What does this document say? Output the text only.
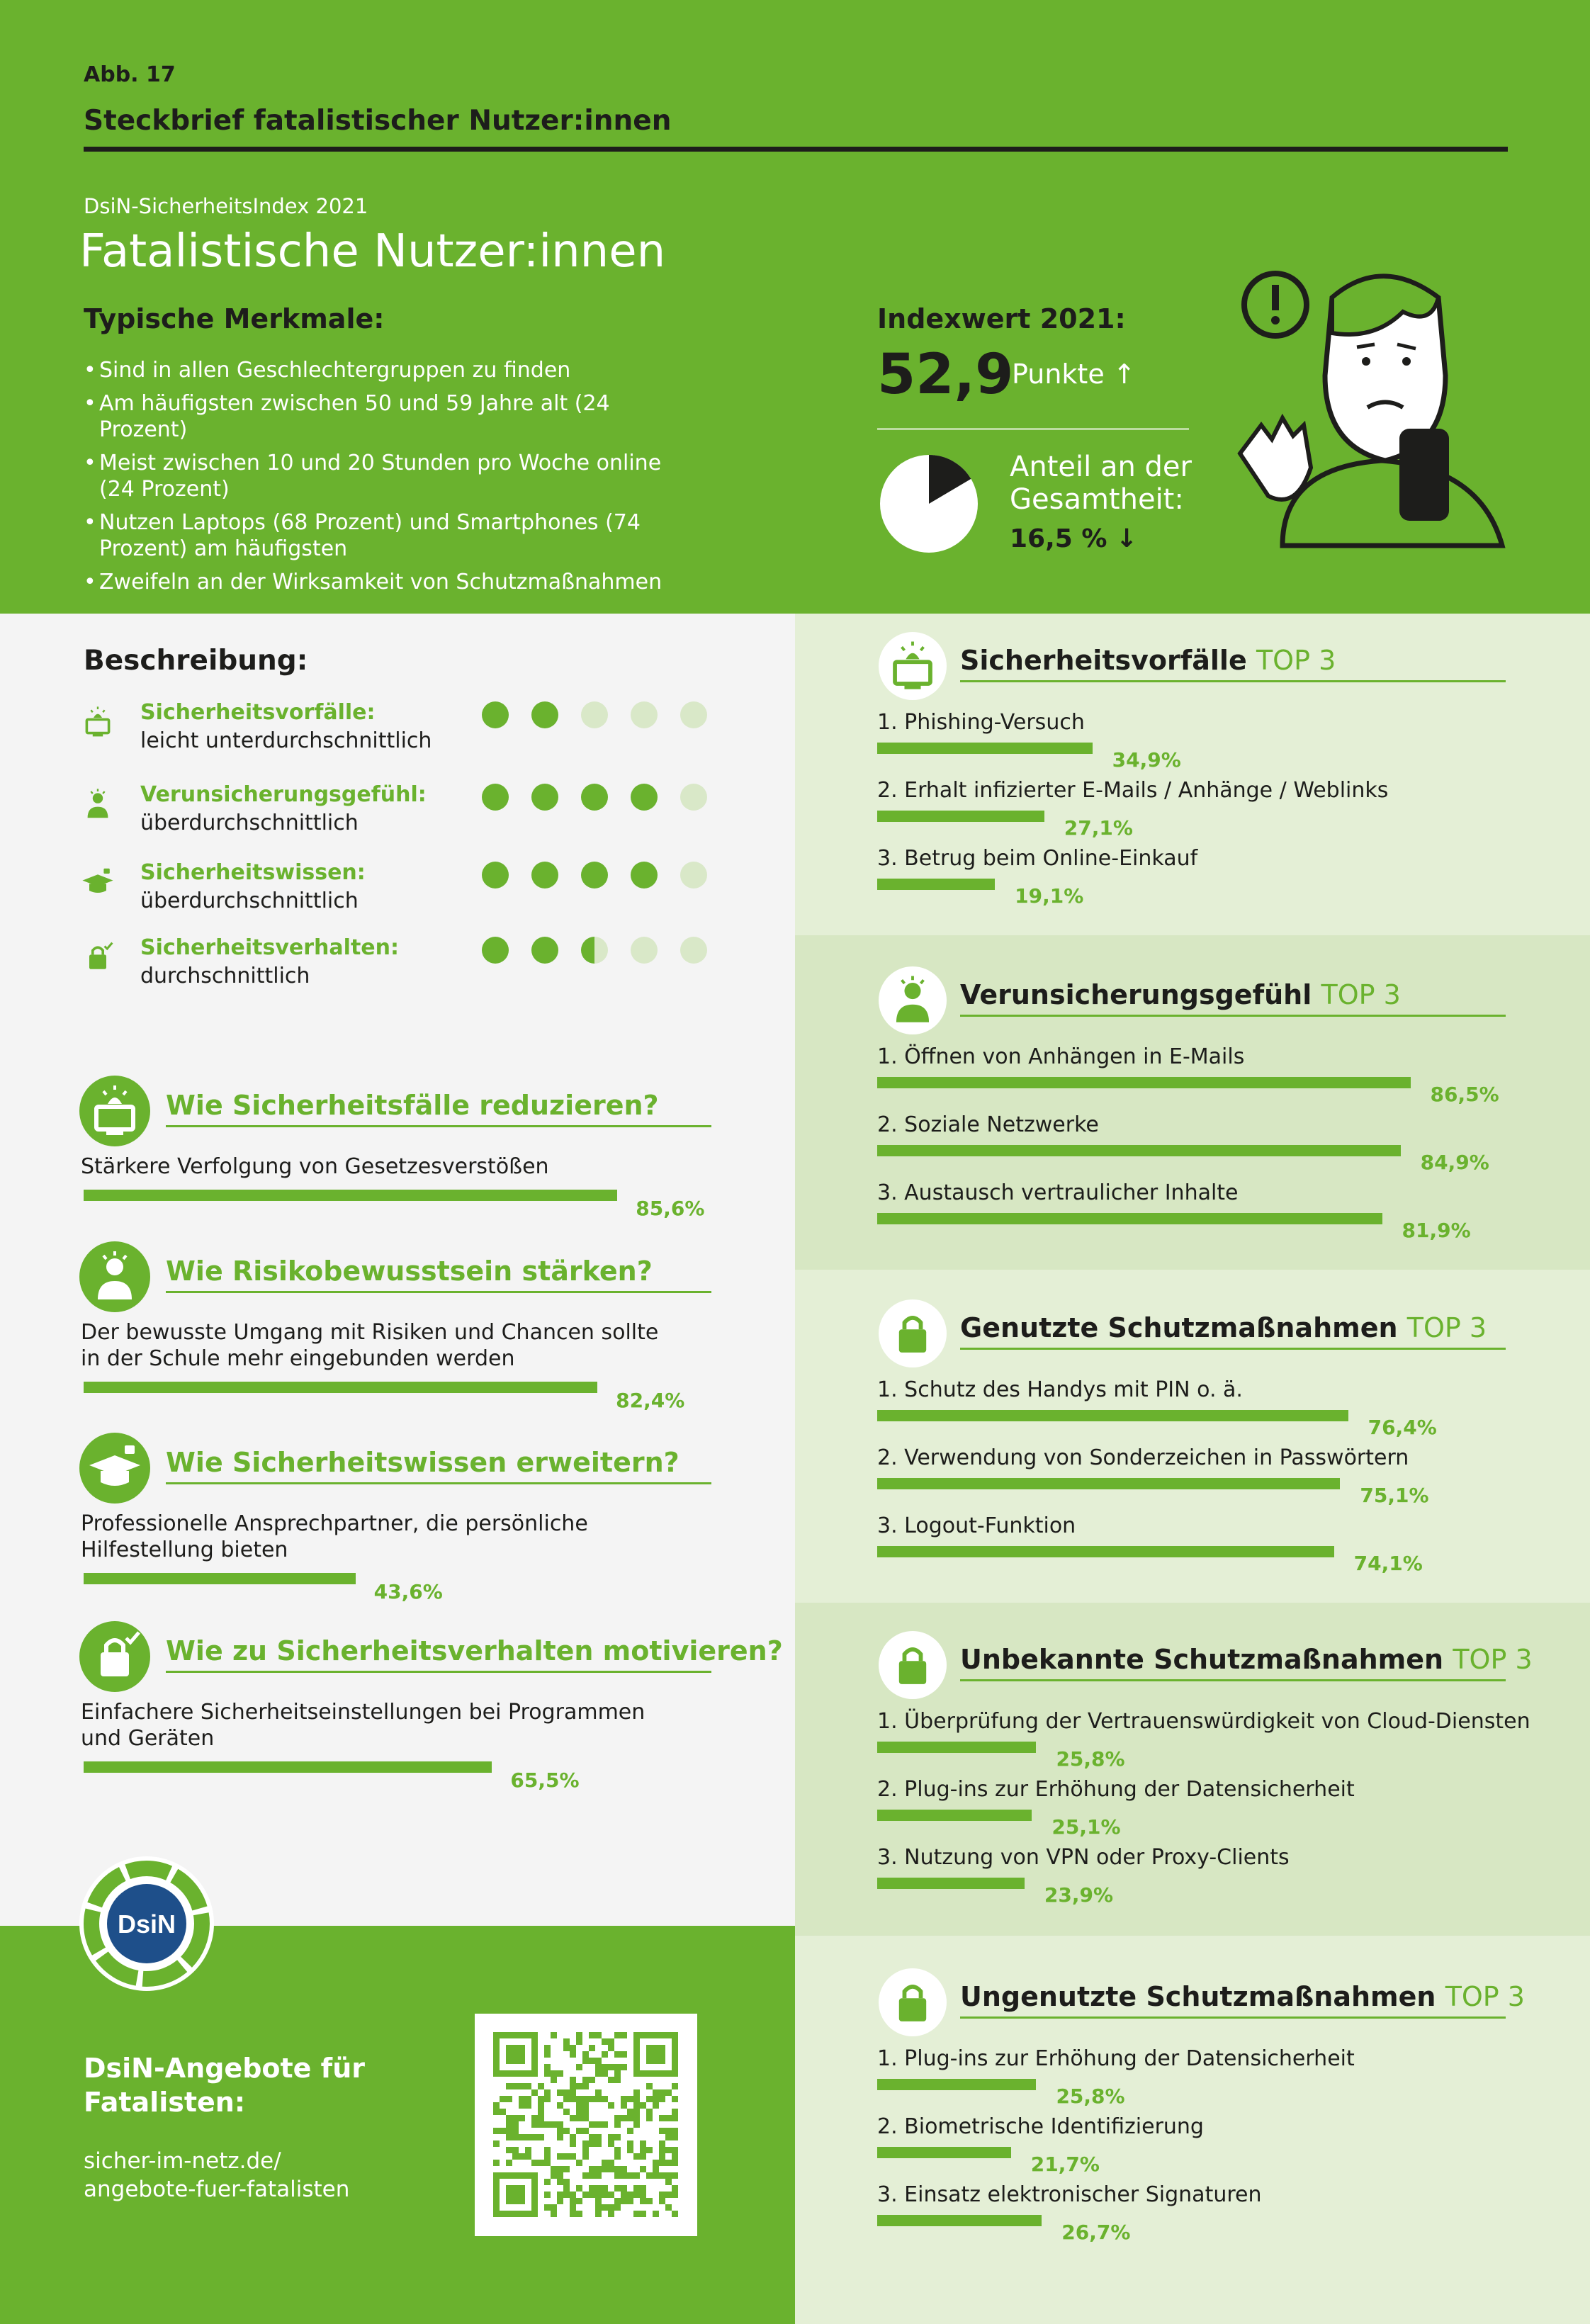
Abb. 17
Steckbrief fatalistischer Nutzer:innen
DsiN-SicherheitsIndex 2021
Fatalistische Nutzer:innen
Typische Merkmale:
• Sind in allen Geschlechtergruppen zu finden
• Am häufigsten zwischen 50 und 59 Jahre alt (24 Prozent)
• Meist zwischen 10 und 20 Stunden pro Woche online (24 Prozent)
• Nutzen Laptops (68 Prozent) und Smartphones (74 Prozent) am häufigsten
• Zweifeln an der Wirksamkeit von Schutzmaßnahmen
Indexwert 2021:
52,9
Punkte ↑
Anteil an der Gesamtheit:
16,5 % ↓
Beschreibung:
Sicherheitsvorfälle:
leicht unterdurchschnittlich
Verunsicherungsgefühl:
überdurchschnittlich
Sicherheitswissen:
überdurchschnittlich
Sicherheitsverhalten:
durchschnittlich
Wie Sicherheitsfälle reduzieren?
Stärkere Verfolgung von Gesetzesverstößen
85,6%
Wie Risikobewusstsein stärken?
Der bewusste Umgang mit Risiken und Chancen sollte in der Schule mehr eingebunden werden
82,4%
Wie Sicherheitswissen erweitern?
Professionelle Ansprechpartner, die persönliche Hilfestellung bieten
43,6%
Wie zu Sicherheitsverhalten motivieren?
Einfachere Sicherheitseinstellungen bei Programmen und Geräten
65,5%
Sicherheitsvorfälle TOP 3
1. Phishing-Versuch
34,9%
2. Erhalt infizierter E-Mails / Anhänge / Weblinks
27,1%
3. Betrug beim Online-Einkauf
19,1%
Verunsicherungsgefühl TOP 3
1. Öffnen von Anhängen in E-Mails
86,5%
2. Soziale Netzwerke
84,9%
3. Austausch vertraulicher Inhalte
81,9%
Genutzte Schutzmaßnahmen TOP 3
1. Schutz des Handys mit PIN o. ä.
76,4%
2. Verwendung von Sonderzeichen in Passwörtern
75,1%
3. Logout-Funktion
74,1%
Unbekannte Schutzmaßnahmen TOP 3
1. Überprüfung der Vertrauenswürdigkeit von Cloud-Diensten
25,8%
2. Plug-ins zur Erhöhung der Datensicherheit
25,1%
3. Nutzung von VPN oder Proxy-Clients
23,9%
Ungenutzte Schutzmaßnahmen TOP 3
1. Plug-ins zur Erhöhung der Datensicherheit
25,8%
2. Biometrische Identifizierung
21,7%
3. Einsatz elektronischer Signaturen
26,7%
DsiN
DsiN-Angebote für Fatalisten:
sicher-im-netz.de/ angebote-fuer-fatalisten
